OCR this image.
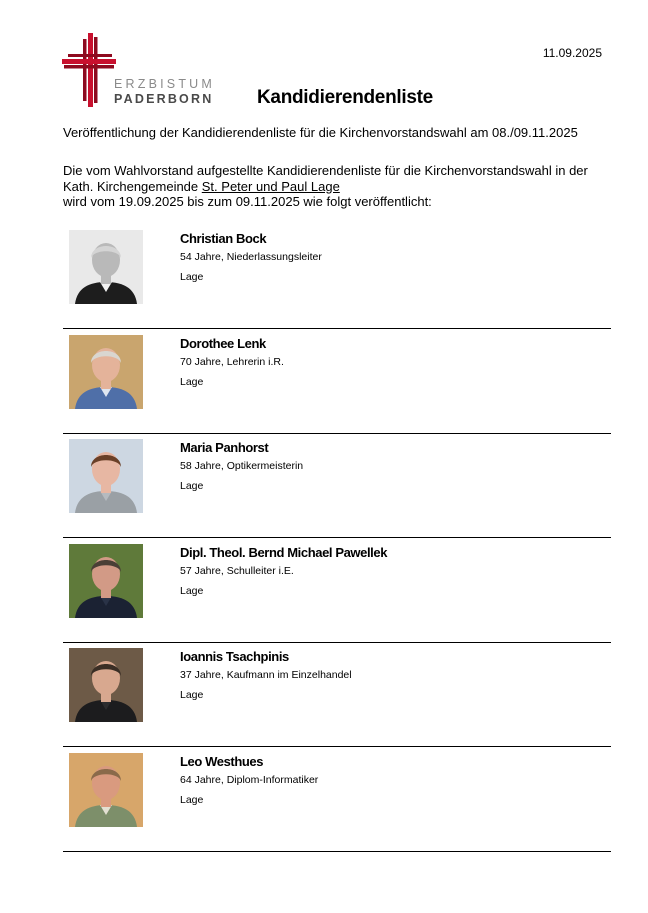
ERZBISTUM
PADERBORN
11.09.2025
Kandidierendenliste
Veröffentlichung der Kandidierendenliste für die Kirchenvorstandswahl am 08./09.11.2025
Die vom Wahlvorstand aufgestellte Kandidierendenliste für die Kirchenvorstandswahl in der
Kath. Kirchengemeinde St. Peter und Paul Lage
wird vom 19.09.2025 bis zum 09.11.2025 wie folgt veröffentlicht:
Christian Bock
54 Jahre, Niederlassungsleiter
Lage
Dorothee Lenk
70 Jahre, Lehrerin i.R.
Lage
Maria Panhorst
58 Jahre, Optikermeisterin
Lage
Dipl. Theol. Bernd Michael Pawellek
57 Jahre, Schulleiter i.E.
Lage
Ioannis Tsachpinis
37 Jahre, Kaufmann im Einzelhandel
Lage
Leo Westhues
64 Jahre, Diplom-Informatiker
Lage
